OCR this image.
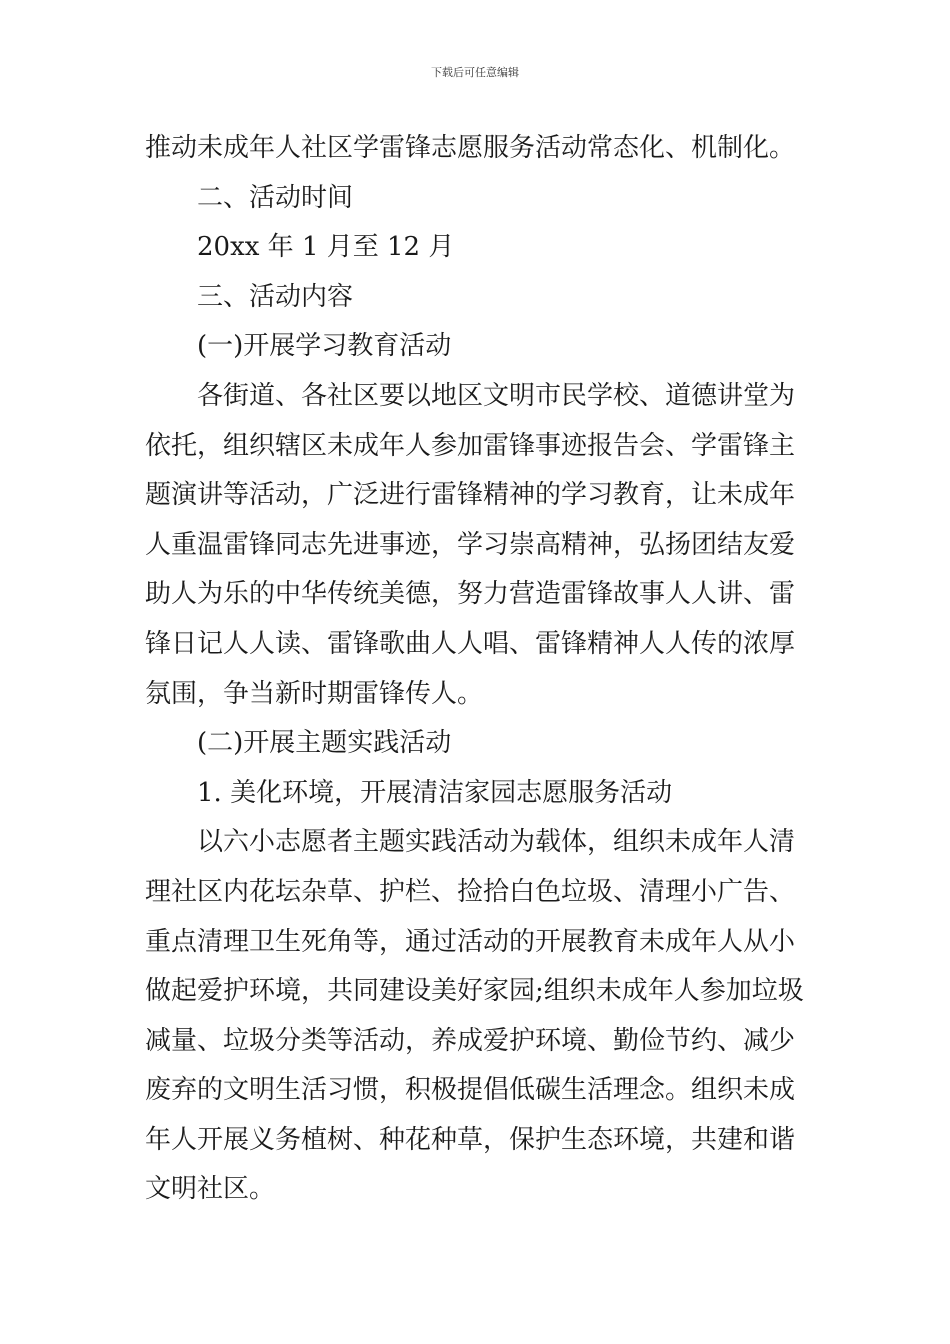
下载后可任意编辑
推动未成年人社区学雷锋志愿服务活动常态化、机制化。
二、活动时间
20xx 年 1 月至 12 月
三、活动内容
(一)开展学习教育活动
各街道、各社区要以地区文明市民学校、道德讲堂为
依托，组织辖区未成年人参加雷锋事迹报告会、学雷锋主
题演讲等活动，广泛进行雷锋精神的学习教育，让未成年
人重温雷锋同志先进事迹，学习崇高精神，弘扬团结友爱
助人为乐的中华传统美德，努力营造雷锋故事人人讲、雷
锋日记人人读、雷锋歌曲人人唱、雷锋精神人人传的浓厚
氛围，争当新时期雷锋传人。
(二)开展主题实践活动
1. 美化环境，开展清洁家园志愿服务活动
以六小志愿者主题实践活动为载体，组织未成年人清
理社区内花坛杂草、护栏、捡拾白色垃圾、清理小广告、
重点清理卫生死角等，通过活动的开展教育未成年人从小
做起爱护环境，共同建设美好家园;组织未成年人参加垃圾
减量、垃圾分类等活动，养成爱护环境、勤俭节约、减少
废弃的文明生活习惯，积极提倡低碳生活理念。组织未成
年人开展义务植树、种花种草，保护生态环境，共建和谐
文明社区。
